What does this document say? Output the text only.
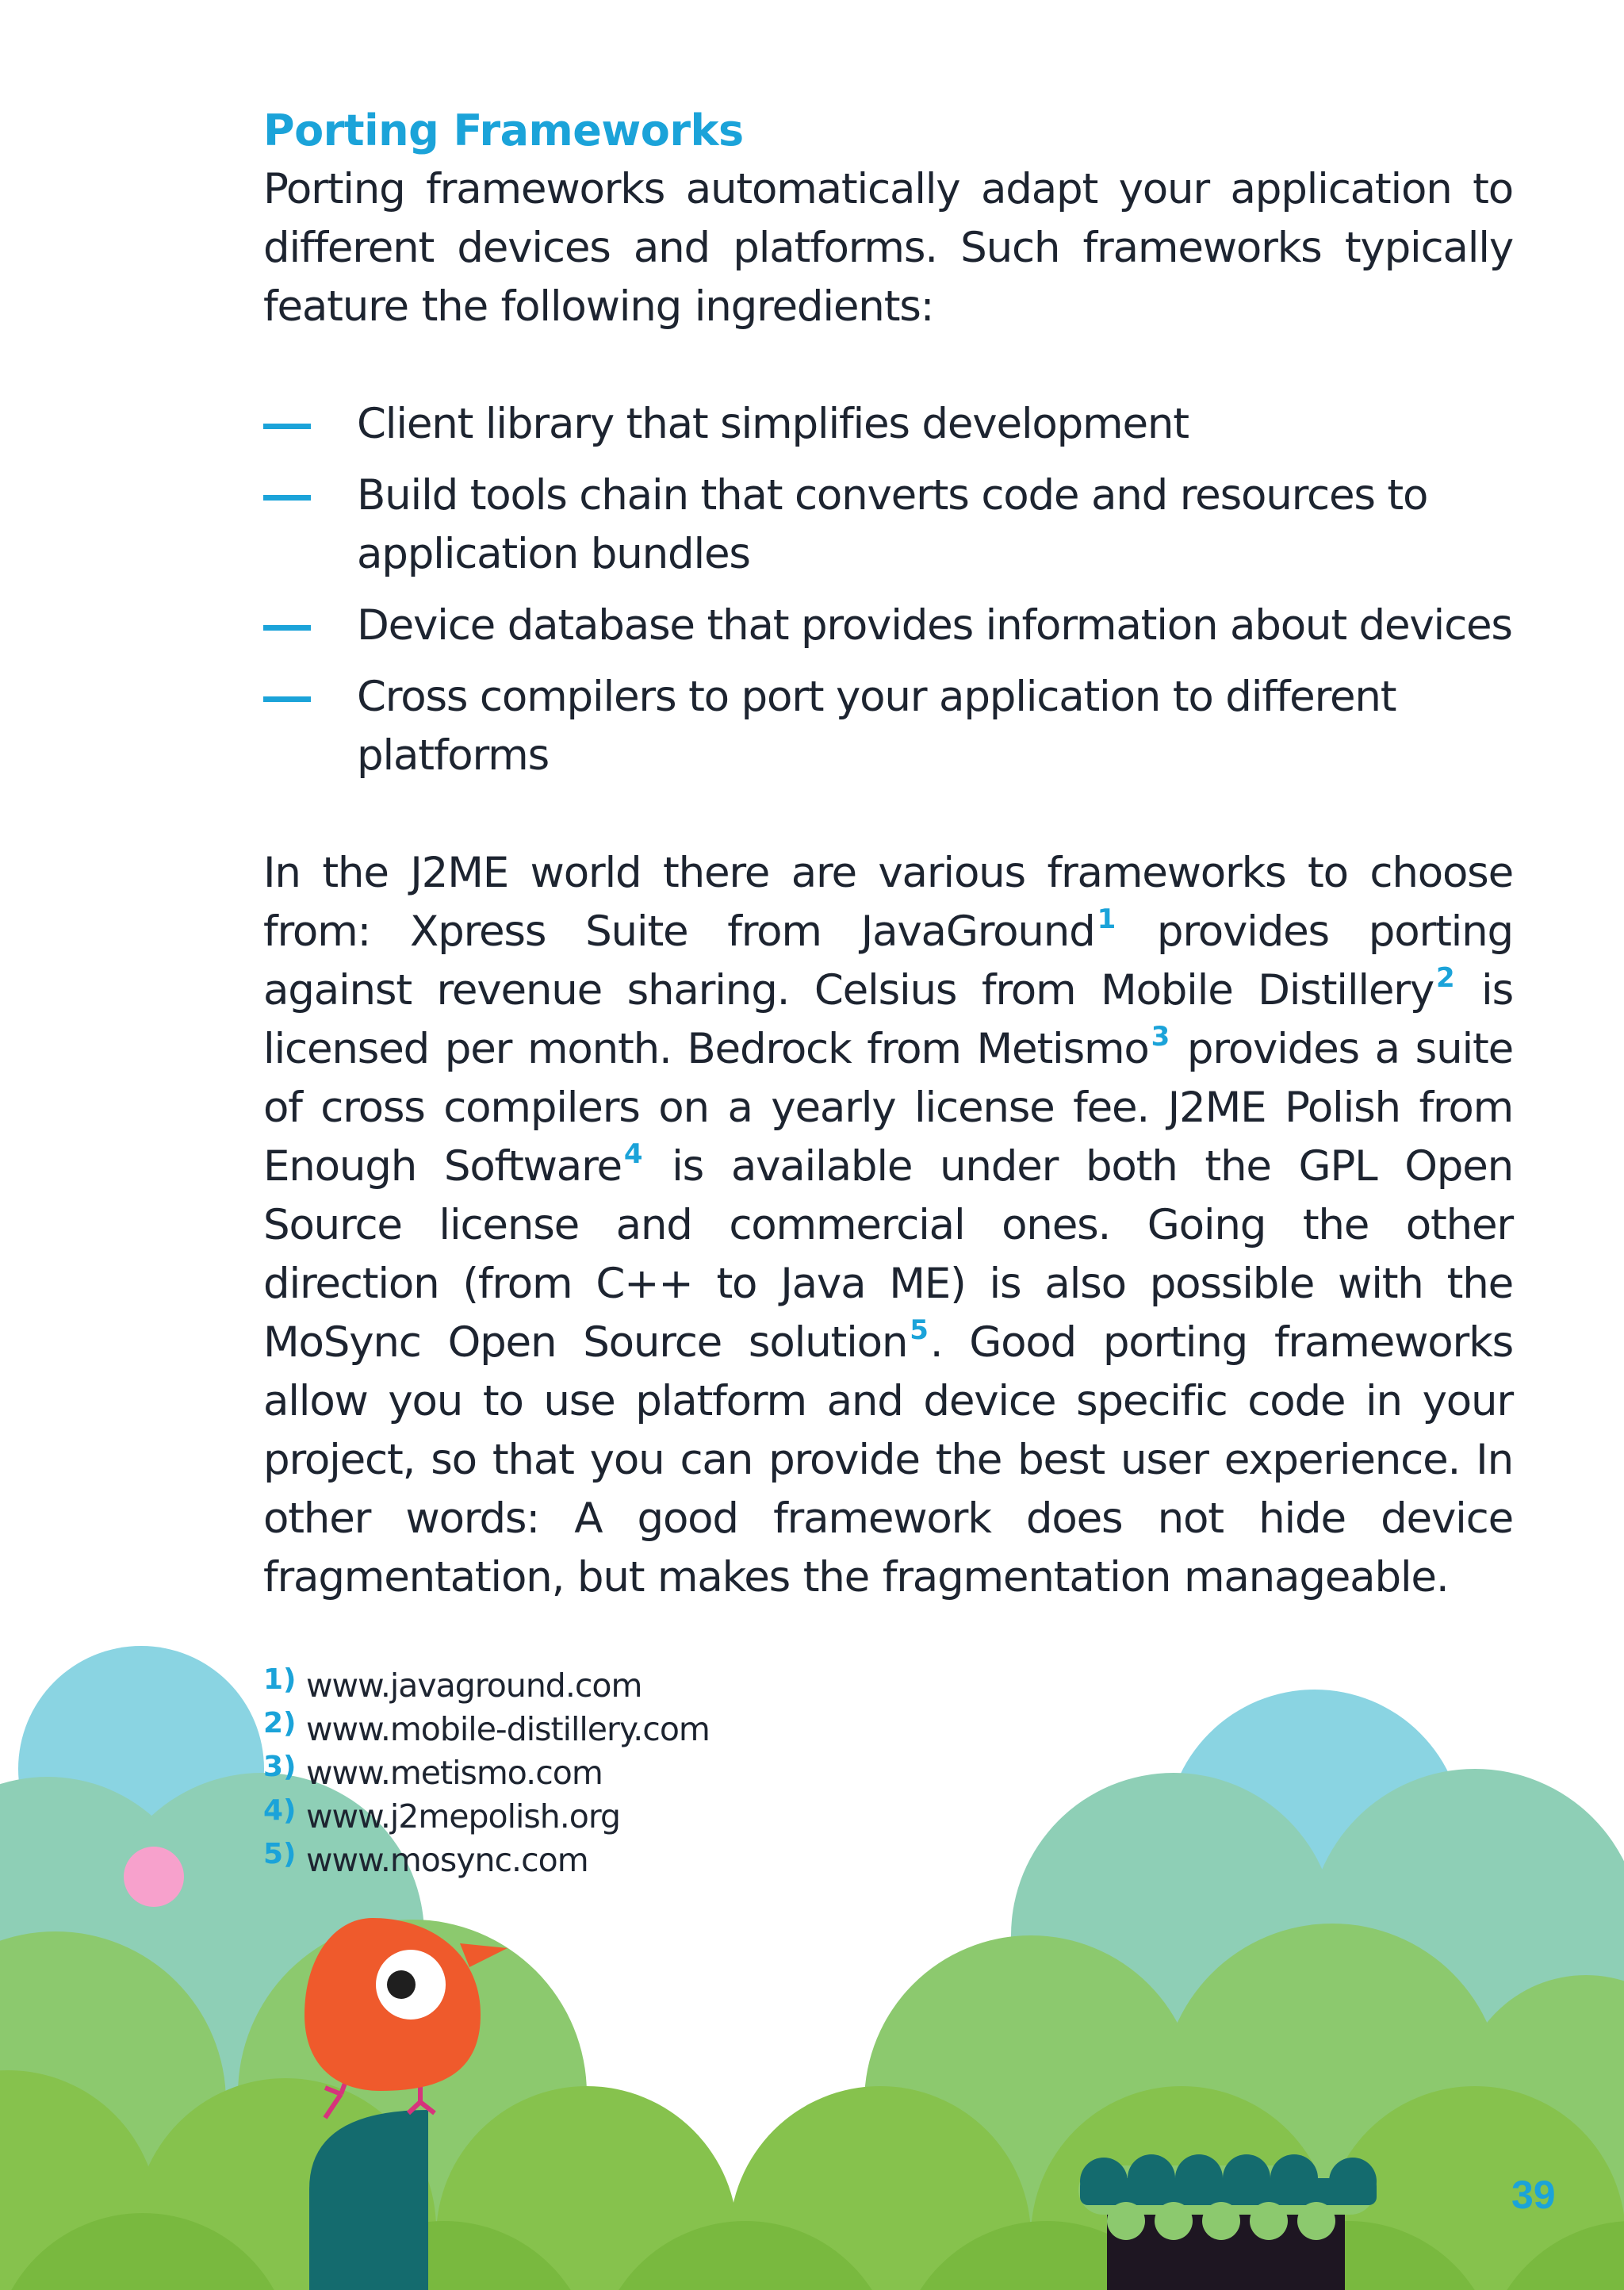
Porting Frameworks

Porting frameworks automatically adapt your application to different devices and platforms. Such frameworks typically feature the following ingredients:

Client library that simplifies development
Build tools chain that converts code and resources to application bundles
Device database that provides information about devices
Cross compilers to port your application to different platforms

In the J2ME world there are various frameworks to choose from: Xpress Suite from JavaGround$^1$ provides porting against revenue sharing. Celsius from Mobile Distillery$^2$ is licensed per month. Bedrock from Metismo$^3$ provides a suite of cross compilers on a yearly license fee. J2ME Polish from Enough Software$^4$ is available under both the GPL Open Source license and commercial ones. Going the other direction (from C++ to Java ME) is also possible with the MoSync Open Source solution$^5$. Good porting frameworks allow you to use platform and device specific code in your project, so that you can provide the best user experience. In other words: A good framework does not hide device fragmentation, but makes the fragmentation manageable.

1) www.javaground.com
2) www.mobile-distillery.com
3) www.metismo.com
4) www.j2mepolish.org
5) www.mosync.com
39
